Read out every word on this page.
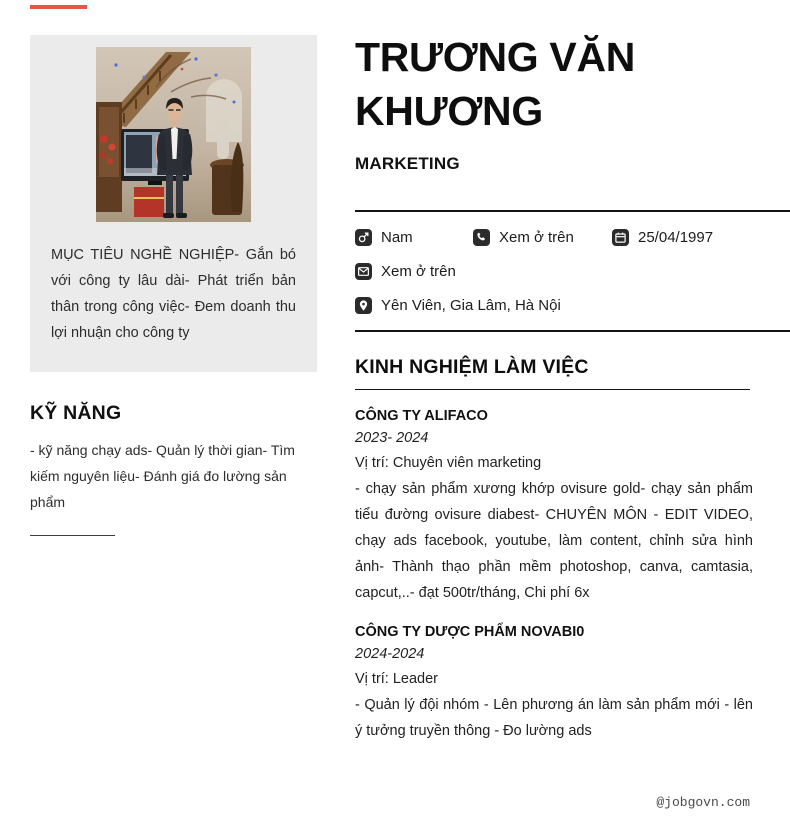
MỤC TIÊU NGHỀ NGHIỆP- Gắn bó với công ty lâu dài- Phát triển bản thân trong công việc- Đem doanh thu lợi nhuận cho công ty

KỸ NĂNG

- kỹ năng chạy ads- Quản lý thời gian- Tìm kiếm nguyên liệu- Đánh giá đo lường sản phẩm

TRƯƠNG VĂN KHƯƠNG
MARKETING
Nam	Xem ở trên	25/04/1997
Xem ở trên
Yên Viên, Gia Lâm, Hà Nội
KINH NGHIỆM LÀM VIỆC
CÔNG TY ALIFACO
2023- 2024
Vị trí: Chuyên viên marketing

- chạy sản phẩm xương khớp ovisure gold- chạy sản phẩm tiểu đường ovisure diabest- CHUYÊN MÔN - EDIT VIDEO, chạy ads facebook, youtube, làm content, chỉnh sửa hình ảnh- Thành thạo phần mềm photoshop, canva, camtasia, capcut,..- đạt 500tr/tháng, Chi phí 6x

CÔNG TY DƯỢC PHẨM NOVABI0
2024-2024
Vị trí: Leader

- Quản lý đội nhóm - Lên phương án làm sản phẩm mới - lên ý tưởng truyền thông - Đo lường ads

@jobgovn.com
